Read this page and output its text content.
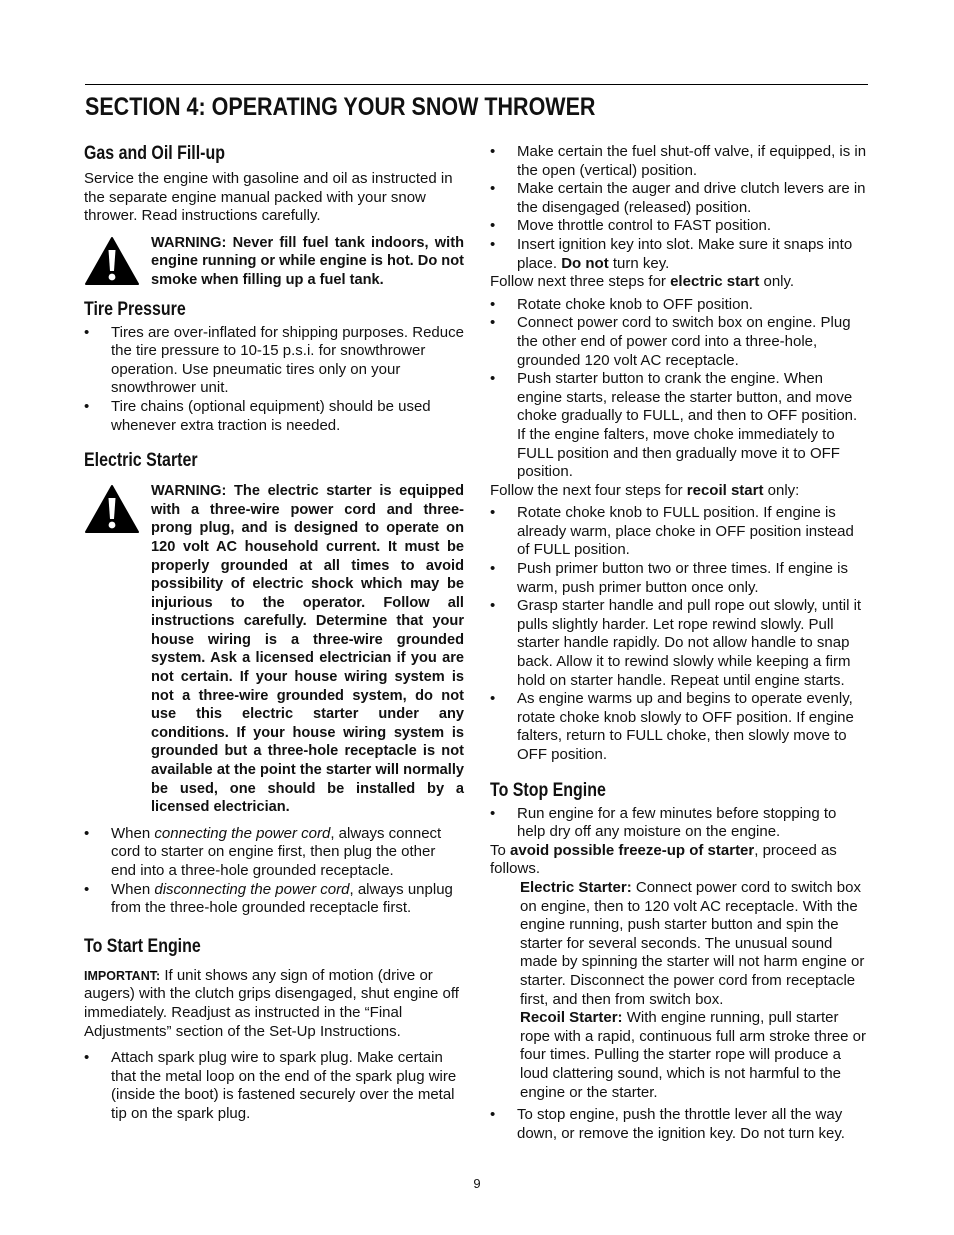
SECTION 4: OPERATING YOUR SNOW THROWER
Gas and Oil Fill-up

Service the engine with gasoline and oil as instructed in the separate engine manual packed with your snow thrower. Read instructions carefully.

WARNING: Never fill fuel tank indoors, with engine running or while engine is hot. Do not smoke when filling up a fuel tank.

Tire Pressure
• Tires are over-inflated for shipping purposes. Reduce the tire pressure to 10-15 p.s.i. for snowthrower operation. Use pneumatic tires only on your snowthrower unit.
• Tire chains (optional equipment) should be used whenever extra traction is needed.
Electric Starter

WARNING: The electric starter is equipped with a three-wire power cord and three-prong plug, and is designed to operate on 120 volt AC household current. It must be properly grounded at all times to avoid possibility of electric shock which may be injurious to the operator. Follow all instructions carefully. Determine that your house wiring is a three-wire grounded system. Ask a licensed electrician if you are not certain. If your house wiring system is not a three-wire grounded system, do not use this electric starter under any conditions. If your house wiring system is grounded but a three-hole receptacle is not available at the point the starter will normally be used, one should be installed by a licensed electrician.

• When connecting the power cord, always connect cord to starter on engine first, then plug the other end into a three-hole grounded receptacle.
• When disconnecting the power cord, always unplug from the three-hole grounded receptacle first.
To Start Engine

IMPORTANT: If unit shows any sign of motion (drive or augers) with the clutch grips disengaged, shut engine off immediately. Readjust as instructed in the “Final Adjustments” section of the Set-Up Instructions.

• Attach spark plug wire to spark plug. Make certain that the metal loop on the end of the spark plug wire (inside the boot) is fastened securely over the metal tip on the spark plug.
• Make certain the fuel shut-off valve, if equipped, is in the open (vertical) position.
• Make certain the auger and drive clutch levers are in the disengaged (released) position.
• Move throttle control to FAST position.
• Insert ignition key into slot. Make sure it snaps into place. Do not turn key.

Follow next three steps for electric start only.

• Rotate choke knob to OFF position.
• Connect power cord to switch box on engine. Plug the other end of power cord into a three-hole, grounded 120 volt AC receptacle.
• Push starter button to crank the engine. When engine starts, release the starter button, and move choke gradually to FULL, and then to OFF position. If the engine falters, move choke immediately to FULL position and then gradually move it to OFF position.

Follow the next four steps for recoil start only:

• Rotate choke knob to FULL position. If engine is already warm, place choke in OFF position instead of FULL position.
• Push primer button two or three times. If engine is warm, push primer button once only.
• Grasp starter handle and pull rope out slowly, until it pulls slightly harder. Let rope rewind slowly. Pull starter handle rapidly. Do not allow handle to snap back. Allow it to rewind slowly while keeping a firm hold on starter handle. Repeat until engine starts.
• As engine warms up and begins to operate evenly, rotate choke knob slowly to OFF position. If engine falters, return to FULL choke, then slowly move to OFF position.
To Stop Engine
• Run engine for a few minutes before stopping to help dry off any moisture on the engine.

To avoid possible freeze-up of starter, proceed as follows.

Electric Starter: Connect power cord to switch box on engine, then to 120 volt AC receptacle. With the engine running, push starter button and spin the starter for several seconds. The unusual sound made by spinning the starter will not harm engine or starter. Disconnect the power cord from receptacle first, and then from switch box.

Recoil Starter: With engine running, pull starter rope with a rapid, continuous full arm stroke three or four times. Pulling the starter rope will produce a loud clattering sound, which is not harmful to the engine or the starter.

• To stop engine, push the throttle lever all the way down, or remove the ignition key. Do not turn key.
9
